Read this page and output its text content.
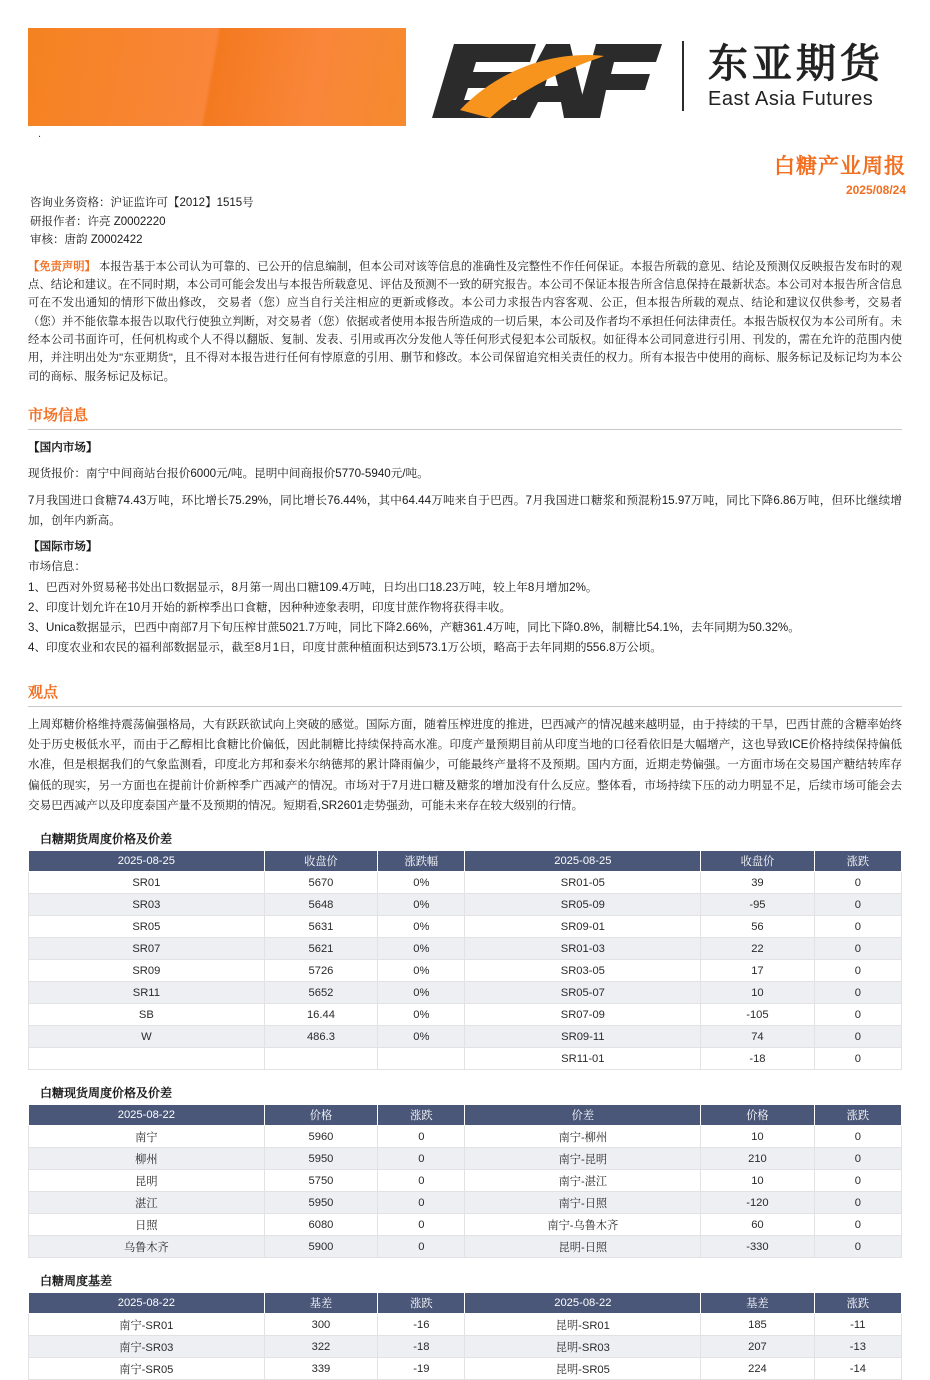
东亚期货
East Asia Futures
.
白糖产业周报
2025/08/24
咨询业务资格：沪证监许可【2012】1515号
研报作者：许亮 Z0002220
审核：唐韵 Z0002422
【免责声明】 本报告基于本公司认为可靠的、已公开的信息编制，但本公司对该等信息的准确性及完整性不作任何保证。本报告所载的意见、结论及预测仅反映报告发布时的观点、结论和建议。在不同时期，本公司可能会发出与本报告所载意见、评估及预测不一致的研究报告。本公司不保证本报告所含信息保持在最新状态。本公司对本报告所含信息可在不发出通知的情形下做出修改， 交易者（您）应当自行关注相应的更新或修改。本公司力求报告内容客观、公正，但本报告所载的观点、结论和建议仅供参考，交易者（您）并不能依靠本报告以取代行使独立判断，对交易者（您）依据或者使用本报告所造成的一切后果，本公司及作者均不承担任何法律责任。本报告版权仅为本公司所有。未经本公司书面许可，任何机构或个人不得以翻版、复制、发表、引用或再次分发他人等任何形式侵犯本公司版权。如征得本公司同意进行引用、刊发的，需在允许的范围内使用，并注明出处为"东亚期货"，且不得对本报告进行任何有悖原意的引用、删节和修改。本公司保留追究相关责任的权力。所有本报告中使用的商标、服务标记及标记均为本公司的商标、服务标记及标记。
市场信息

【国内市场】

现货报价：南宁中间商站台报价6000元/吨。昆明中间商报价5770-5940元/吨。

7月我国进口食糖74.43万吨，环比增长75.29%，同比增长76.44%，其中64.44万吨来自于巴西。7月我国进口糖浆和预混粉15.97万吨，同比下降6.86万吨，但环比继续增加，创年内新高。

【国际市场】

市场信息：

1、巴西对外贸易秘书处出口数据显示，8月第一周出口糖109.4万吨，日均出口18.23万吨，较上年8月增加2%。

2、印度计划允许在10月开始的新榨季出口食糖，因种种迹象表明，印度甘蔗作物将获得丰收。

3、Unica数据显示，巴西中南部7月下旬压榨甘蔗5021.7万吨，同比下降2.66%，产糖361.4万吨，同比下降0.8%，制糖比54.1%，去年同期为50.32%。

4、印度农业和农民的福利部数据显示，截至8月1日，印度甘蔗种植面积达到573.1万公顷，略高于去年同期的556.8万公顷。

观点

上周郑糖价格维持震荡偏强格局，大有跃跃欲试向上突破的感觉。国际方面，随着压榨进度的推进，巴西减产的情况越来越明显，由于持续的干旱，巴西甘蔗的含糖率始终处于历史极低水平，而由于乙醇相比食糖比价偏低，因此制糖比持续保持高水准。印度产量预期目前从印度当地的口径看依旧是大幅增产，这也导致ICE价格持续保持偏低水准，但是根据我们的气象监测看，印度北方邦和泰米尔纳德邦的累计降雨偏少，可能最终产量将不及预期。国内方面，近期走势偏强。一方面市场在交易国产糖结转库存偏低的现实，另一方面也在提前计价新榨季广西减产的情况。市场对于7月进口糖及糖浆的增加没有什么反应。整体看，市场持续下压的动力明显不足，后续市场可能会去交易巴西减产以及印度泰国产量不及预期的情况。短期看,SR2601走势强劲，可能未来存在较大级别的行情。

白糖期货周度价格及价差
2025-08-25	收盘价	涨跌幅	2025-08-25	收盘价	涨跌
SR01	5670	0%	SR01-05	39	0
SR03	5648	0%	SR05-09	-95	0
SR05	5631	0%	SR09-01	56	0
SR07	5621	0%	SR01-03	22	0
SR09	5726	0%	SR03-05	17	0
SR11	5652	0%	SR05-07	10	0
SB	16.44	0%	SR07-09	-105	0
W	486.3	0%	SR09-11	74	0
			SR11-01	-18	0
白糖现货周度价格及价差
2025-08-22	价格	涨跌	价差	价格	涨跌
南宁	5960	0	南宁-柳州	10	0
柳州	5950	0	南宁-昆明	210	0
昆明	5750	0	南宁-湛江	10	0
湛江	5950	0	南宁-日照	-120	0
日照	6080	0	南宁-乌鲁木齐	60	0
乌鲁木齐	5900	0	昆明-日照	-330	0
白糖周度基差
2025-08-22	基差	涨跌	2025-08-22	基差	涨跌
南宁-SR01	300	-16	昆明-SR01	185	-11
南宁-SR03	322	-18	昆明-SR03	207	-13
南宁-SR05	339	-19	昆明-SR05	224	-14
